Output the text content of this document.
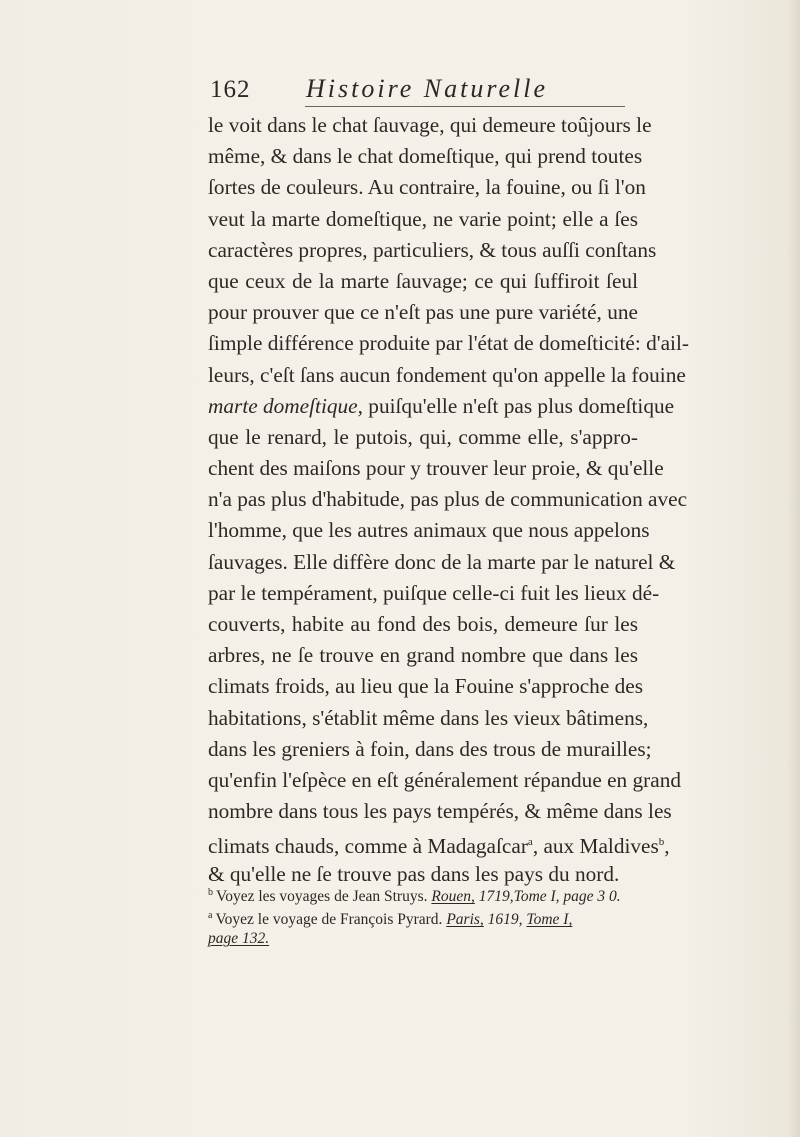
162 Histoire Naturelle
le voit dans le chat ſauvage, qui demeure toûjours le
même, & dans le chat domeſtique, qui prend toutes
ſortes de couleurs. Au contraire, la fouine, ou ſi l'on
veut la marte domeſtique, ne varie point; elle a ſes
caractères propres, particuliers, & tous auſſi conſtans
que ceux de la marte ſauvage; ce qui ſuffiroit ſeul
pour prouver que ce n'eſt pas une pure variété, une
ſimple différence produite par l'état de domeſticité: d'ail-
leurs, c'eſt ſans aucun fondement qu'on appelle la fouine
marte domeſtique, puiſqu'elle n'eſt pas plus domeſtique
que le renard, le putois, qui, comme elle, s'appro-
chent des maiſons pour y trouver leur proie, & qu'elle
n'a pas plus d'habitude, pas plus de communication avec
l'homme, que les autres animaux que nous appelons
ſauvages. Elle diffère donc de la marte par le naturel &
par le tempérament, puiſque celle-ci fuit les lieux dé-
couverts, habite au fond des bois, demeure ſur les
arbres, ne ſe trouve en grand nombre que dans les
climats froids, au lieu que la Fouine s'approche des
habitations, s'établit même dans les vieux bâtimens,
dans les greniers à foin, dans des trous de murailles;
qu'enfin l'eſpèce en eſt généralement répandue en grand
nombre dans tous les pays tempérés, & même dans les
climats chauds, comme à Madagaſcar$^a$, aux Maldives$^b$,
& qu'elle ne ſe trouve pas dans les pays du nord.
$^b$ Voyez les voyages de Jean Struys. Rouen, 1719,Tome I, page 3 0.
$^a$ Voyez le voyage de François Pyrard. Paris, 1619, Tome I,
page 132.
